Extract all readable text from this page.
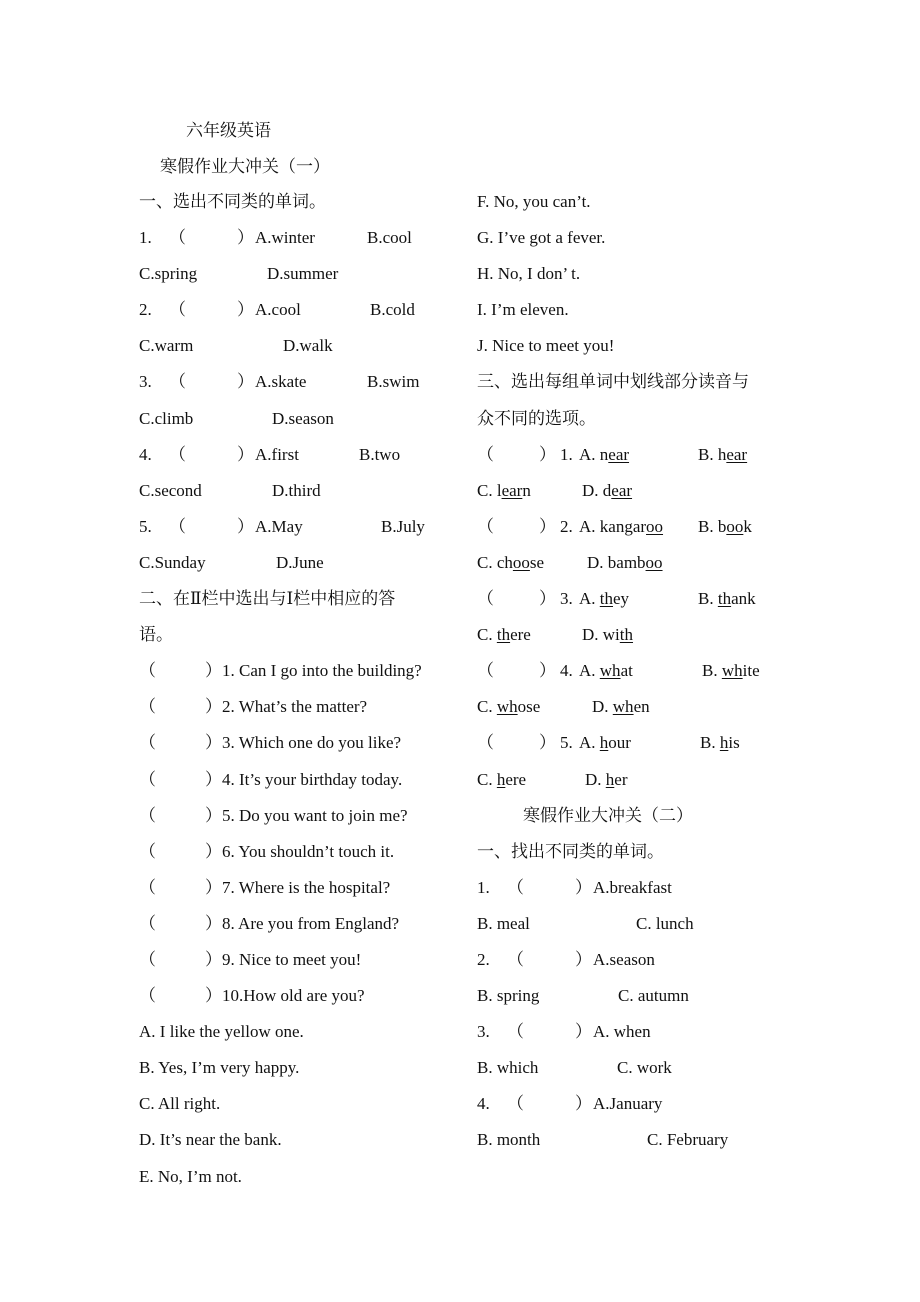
六年级英语
寒假作业大冲关（一）
一、选出不同类的单词。
1. （	） A.winter	B.cool
C.spring	D.summer
2. （	） A.cool	B.cold
C.warm	D.walk
3. （	） A.skate	B.swim
C.climb	D.season
4. （	） A.first	B.two
C.second	D.third
5. （	） A.May	B.July
C.Sunday	D.June
二、在Ⅱ栏中选出与Ⅰ栏中相应的答
语。
（	） 1. Can I go into the building?
（	） 2. What’s the matter?
（	） 3. Which one do you like?
（	） 4. It’s your birthday today.
（	） 5. Do you want to join me?
（	） 6. You shouldn’t touch it.
（	） 7. Where is the hospital?
（	） 8. Are you from England?
（	） 9. Nice to meet you!
（	） 10.How old are you?
A. I like the yellow one.
B. Yes, I’m very happy.
C. All right.
D. It’s near the bank.
E. No, I’m not.
F. No, you can’t.
G. I’ve got a fever.
H. No, I don’ t.
I. I’m eleven.
J. Nice to meet you!
三、选出每组单词中划线部分读音与
众不同的选项。
（	） 1. A. near	B. hear
C. learn	D. dear
（	） 2. A. kangaroo B. book
C. choose	D. bamboo
（	） 3. A. they	B. thank
C. there	D. with
（	） 4. A. what	B. white
C. whose	D. when
（	） 5. A. hour	B. his
C. here	D. her
寒假作业大冲关（二）
一、找出不同类的单词。
1. （	） A.breakfast
B. meal	C. lunch
2. （	） A.season
B. spring	C. autumn
3. （	） A. when
B. which	C. work
4. （	） A.January
B. month	C. February
